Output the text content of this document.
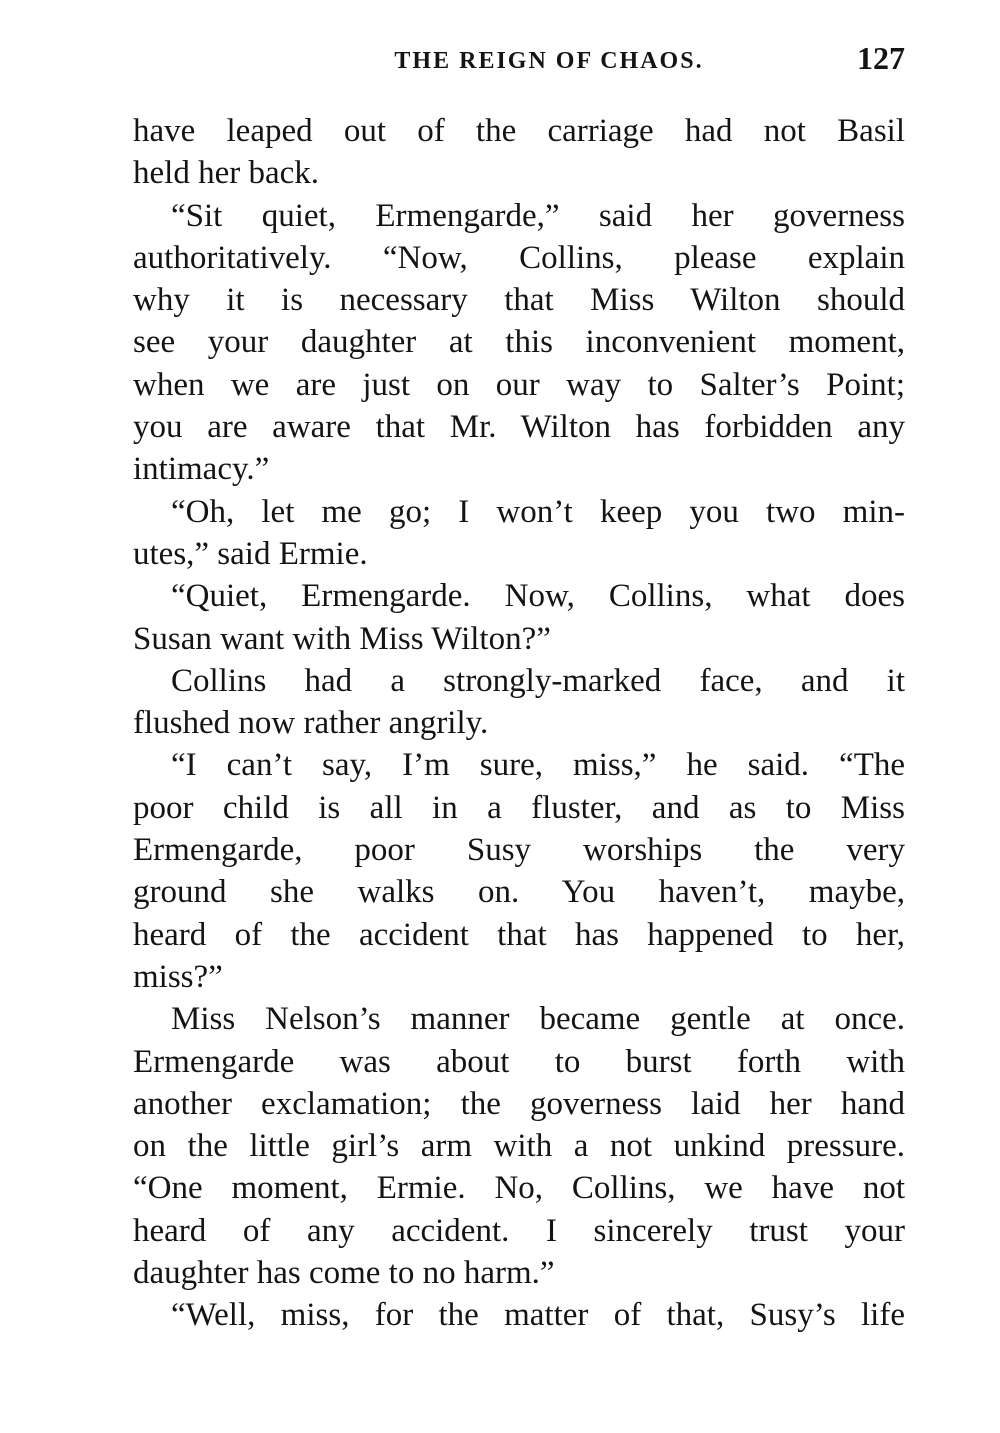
THE REIGN OF CHAOS.	127
have leaped out of the carriage had not Basil
held her back.
“Sit quiet, Ermengarde,” said her governess
authoritatively. “Now, Collins, please explain
why it is necessary that Miss Wilton should
see your daughter at this inconvenient moment,
when we are just on our way to Salter’s Point;
you are aware that Mr. Wilton has forbidden any
intimacy.”
“Oh, let me go; I won’t keep you two min-
utes,” said Ermie.
“Quiet, Ermengarde. Now, Collins, what does
Susan want with Miss Wilton?”
Collins had a strongly-marked face, and it
flushed now rather angrily.
“I can’t say, I’m sure, miss,” he said. “The
poor child is all in a fluster, and as to Miss
Ermengarde, poor Susy worships the very
ground she walks on. You haven’t, maybe,
heard of the accident that has happened to her,
miss?”
Miss Nelson’s manner became gentle at once.
Ermengarde was about to burst forth with
another exclamation; the governess laid her hand
on the little girl’s arm with a not unkind pressure.
“One moment, Ermie. No, Collins, we have not
heard of any accident. I sincerely trust your
daughter has come to no harm.”
“Well, miss, for the matter of that, Susy’s life
